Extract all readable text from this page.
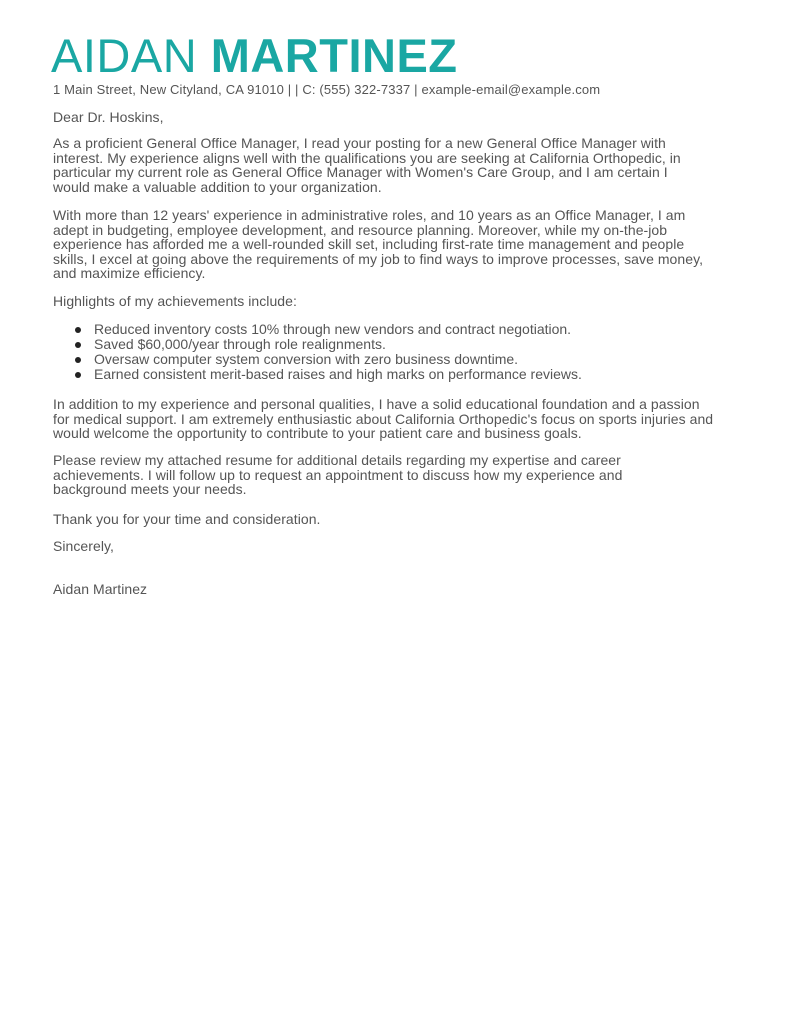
AIDAN MARTINEZ
1 Main Street, New Cityland, CA 91010 | | C: (555) 322-7337 | example-email@example.com
Dear Dr. Hoskins,
As a proficient General Office Manager, I read your posting for a new General Office Manager with
interest. My experience aligns well with the qualifications you are seeking at California Orthopedic, in
particular my current role as General Office Manager with Women's Care Group, and I am certain I
would make a valuable addition to your organization.
With more than 12 years' experience in administrative roles, and 10 years as an Office Manager, I am
adept in budgeting, employee development, and resource planning. Moreover, while my on-the-job
experience has afforded me a well-rounded skill set, including first-rate time management and people
skills, I excel at going above the requirements of my job to find ways to improve processes, save money,
and maximize efficiency.
Highlights of my achievements include:
Reduced inventory costs 10% through new vendors and contract negotiation.
Saved $60,000/year through role realignments.
Oversaw computer system conversion with zero business downtime.
Earned consistent merit-based raises and high marks on performance reviews.
In addition to my experience and personal qualities, I have a solid educational foundation and a passion
for medical support. I am extremely enthusiastic about California Orthopedic's focus on sports injuries and
would welcome the opportunity to contribute to your patient care and business goals.
Please review my attached resume for additional details regarding my expertise and career
achievements. I will follow up to request an appointment to discuss how my experience and
background meets your needs.
Thank you for your time and consideration.
Sincerely,
Aidan Martinez
